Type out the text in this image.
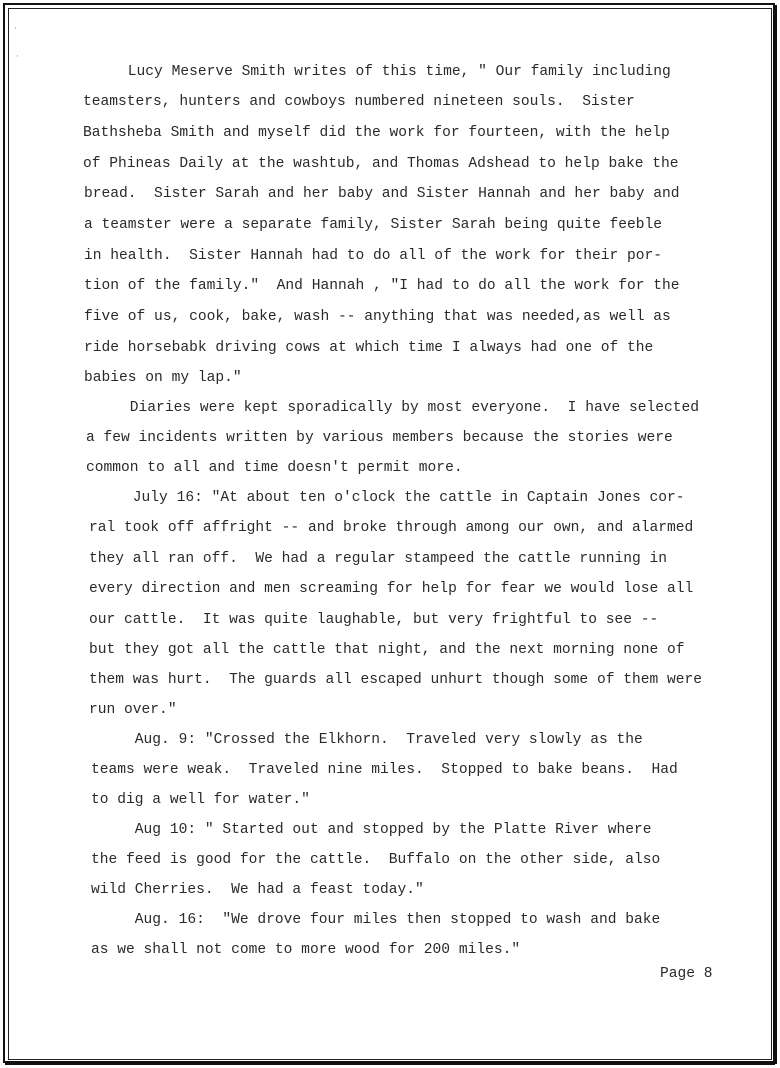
·
·

Lucy Meserve Smith writes of this time, " Our family including

teamsters, hunters and cowboys numbered nineteen souls.  Sister

Bathsheba Smith and myself did the work for fourteen, with the help

of Phineas Daily at the washtub, and Thomas Adshead to help bake the

bread.  Sister Sarah and her baby and Sister Hannah and her baby and

a teamster were a separate family, Sister Sarah being quite feeble

in health.  Sister Hannah had to do all of the work for their por-

tion of the family."  And Hannah , "I had to do all the work for the

five of us, cook, bake, wash -- anything that was needed,as well as

ride horsebabk driving cows at which time I always had one of the

babies on my lap."

Diaries were kept sporadically by most everyone.  I have selected

a few incidents written by various members because the stories were

common to all and time doesn't permit more.

July 16: "At about ten o'clock the cattle in Captain Jones cor-

ral took off affright -- and broke through among our own, and alarmed

they all ran off.  We had a regular stampeed the cattle running in

every direction and men screaming for help for fear we would lose all

our cattle.  It was quite laughable, but very frightful to see --

but they got all the cattle that night, and the next morning none of

them was hurt.  The guards all escaped unhurt though some of them were

run over."

Aug. 9: "Crossed the Elkhorn.  Traveled very slowly as the

teams were weak.  Traveled nine miles.  Stopped to bake beans.  Had

to dig a well for water."

Aug 10: " Started out and stopped by the Platte River where

the feed is good for the cattle.  Buffalo on the other side, also

wild Cherries.  We had a feast today."

Aug. 16:  "We drove four miles then stopped to wash and bake

as we shall not come to more wood for 200 miles."

Page 8
